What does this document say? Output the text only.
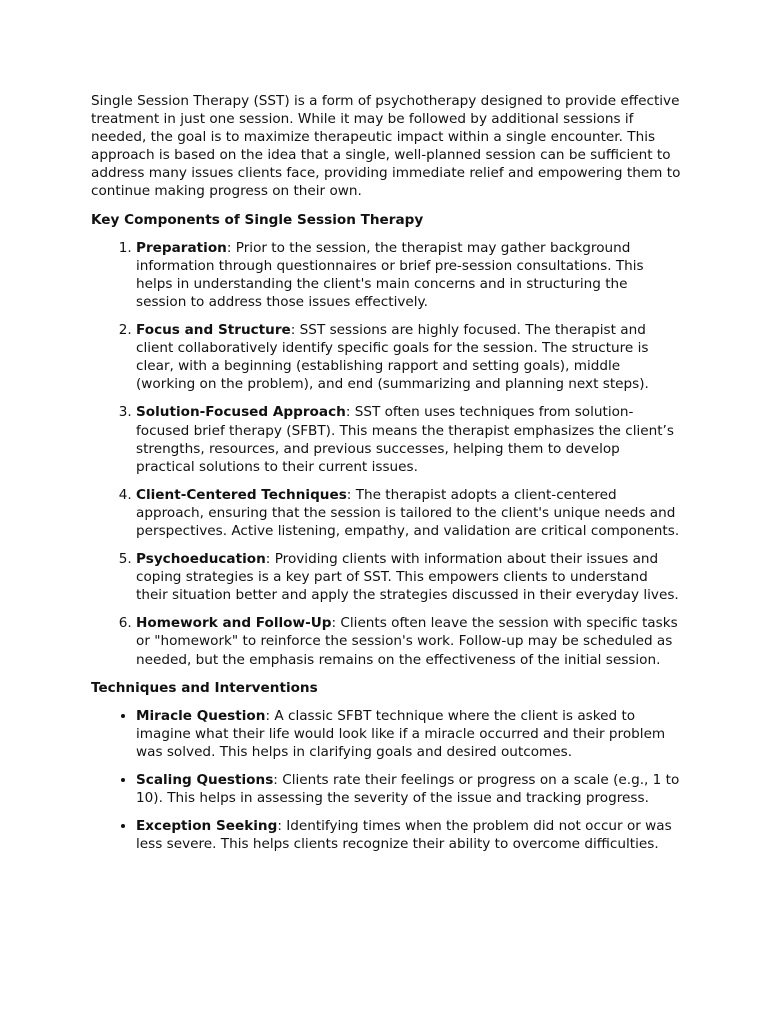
Single Session Therapy (SST) is a form of psychotherapy designed to provide effective treatment in just one session. While it may be followed by additional sessions if needed, the goal is to maximize therapeutic impact within a single encounter. This approach is based on the idea that a single, well-planned session can be sufficient to address many issues clients face, providing immediate relief and empowering them to continue making progress on their own.

Key Components of Single Session Therapy
1. Preparation: Prior to the session, the therapist may gather background information through questionnaires or brief pre-session consultations. This helps in understanding the client's main concerns and in structuring the session to address those issues effectively.
2. Focus and Structure: SST sessions are highly focused. The therapist and client collaboratively identify specific goals for the session. The structure is clear, with a beginning (establishing rapport and setting goals), middle (working on the problem), and end (summarizing and planning next steps).
3. Solution-Focused Approach: SST often uses techniques from solution-focused brief therapy (SFBT). This means the therapist emphasizes the client’s strengths, resources, and previous successes, helping them to develop practical solutions to their current issues.
4. Client-Centered Techniques: The therapist adopts a client-centered approach, ensuring that the session is tailored to the client's unique needs and perspectives. Active listening, empathy, and validation are critical components.
5. Psychoeducation: Providing clients with information about their issues and coping strategies is a key part of SST. This empowers clients to understand their situation better and apply the strategies discussed in their everyday lives.
6. Homework and Follow-Up: Clients often leave the session with specific tasks or "homework" to reinforce the session's work. Follow-up may be scheduled as needed, but the emphasis remains on the effectiveness of the initial session.
Techniques and Interventions
• Miracle Question: A classic SFBT technique where the client is asked to imagine what their life would look like if a miracle occurred and their problem was solved. This helps in clarifying goals and desired outcomes.
• Scaling Questions: Clients rate their feelings or progress on a scale (e.g., 1 to 10). This helps in assessing the severity of the issue and tracking progress.
• Exception Seeking: Identifying times when the problem did not occur or was less severe. This helps clients recognize their ability to overcome difficulties.
